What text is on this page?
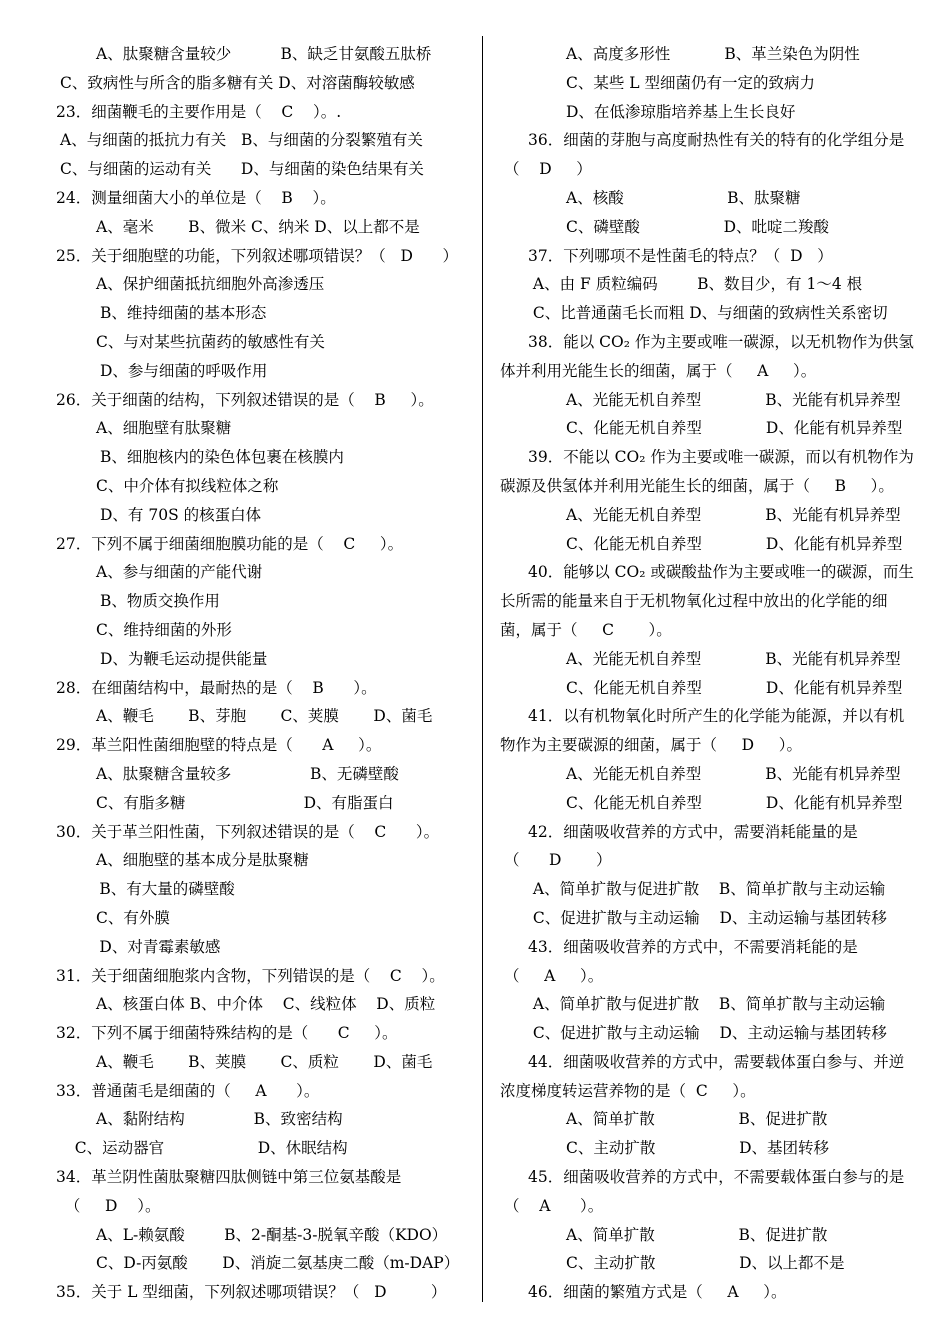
A、肽聚糖含量较少          B、缺乏甘氨酸五肽桥
C、致病性与所含的脂多糖有关 D、对溶菌酶较敏感
23．细菌鞭毛的主要作用是（    C    ）。.
A、与细菌的抵抗力有关   B、与细菌的分裂繁殖有关
C、与细菌的运动有关      D、与细菌的染色结果有关
24．测量细菌大小的单位是（    B    ）。
A、毫米       B、微米 C、纳米 D、以上都不是
25．关于细胞壁的功能，下列叙述哪项错误？（   D      ）
A、保护细菌抵抗细胞外高渗透压
B、维持细菌的基本形态
C、与对某些抗菌药的敏感性有关
D、参与细菌的呼吸作用
26．关于细菌的结构，下列叙述错误的是（    B     ）。
A、细胞壁有肽聚糖
B、细胞核内的染色体包裹在核膜内
C、中介体有拟线粒体之称
D、有 70S 的核蛋白体
27．下列不属于细菌细胞膜功能的是（    C     ）。
A、参与细菌的产能代谢
B、物质交换作用
C、维持细菌的外形
D、为鞭毛运动提供能量
28．在细菌结构中，最耐热的是（    B      ）。
A、鞭毛       B、芽胞       C、荚膜       D、菌毛
29．革兰阳性菌细胞壁的特点是（      A     ）。
A、肽聚糖含量较多                B、无磷壁酸
C、有脂多糖                        D、有脂蛋白
30．关于革兰阳性菌，下列叙述错误的是（    C      ）。
A、细胞壁的基本成分是肽聚糖
B、有大量的磷壁酸
C、有外膜
D、对青霉素敏感
31．关于细菌细胞浆内含物，下列错误的是（    C    ）。
A、核蛋白体 B、中介体    C、线粒体    D、质粒
32．下列不属于细菌特殊结构的是（      C     ）。
A、鞭毛       B、荚膜       C、质粒       D、菌毛
33．普通菌毛是细菌的（     A      ）。
A、黏附结构              B、致密结构
C、运动器官                   D、休眠结构
34．革兰阴性菌肽聚糖四肽侧链中第三位氨基酸是
（     D    ）。
A、L-赖氨酸        B、2-酮基-3-脱氧辛酸（KDO）
C、D-丙氨酸       D、消旋二氨基庚二酸（m-DAP）
35．关于 L 型细菌，下列叙述哪项错误？（   D         ）
A、高度多形性           B、革兰染色为阴性
C、某些 L 型细菌仍有一定的致病力
D、在低渗琼脂培养基上生长良好
36．细菌的芽胞与高度耐热性有关的特有的化学组分是
（    D     ）
A、核酸                     B、肽聚糖
C、磷壁酸                 D、吡啶二羧酸
37．下列哪项不是性菌毛的特点？（  D   ）
A、由 F 质粒编码        B、数目少，有 1～4 根
C、比普通菌毛长而粗 D、与细菌的致病性关系密切
38．能以 CO₂ 作为主要或唯一碳源，以无机物作为供氢
体并利用光能生长的细菌，属于（     A     ）。
A、光能无机自养型             B、光能有机异养型
C、化能无机自养型             D、化能有机异养型
39．不能以 CO₂ 作为主要或唯一碳源，而以有机物作为
碳源及供氢体并利用光能生长的细菌，属于（     B     ）。
A、光能无机自养型             B、光能有机异养型
C、化能无机自养型             D、化能有机异养型
40．能够以 CO₂ 或碳酸盐作为主要或唯一的碳源，而生
长所需的能量来自于无机物氧化过程中放出的化学能的细
菌，属于（     C       ）。
A、光能无机自养型             B、光能有机异养型
C、化能无机自养型             D、化能有机异养型
41．以有机物氧化时所产生的化学能为能源，并以有机
物作为主要碳源的细菌，属于（     D     ）。
A、光能无机自养型             B、光能有机异养型
C、化能无机自养型             D、化能有机异养型
42．细菌吸收营养的方式中，需要消耗能量的是
（      D       ）
A、简单扩散与促进扩散    B、简单扩散与主动运输
C、促进扩散与主动运输    D、主动运输与基团转移
43．细菌吸收营养的方式中，不需要消耗能的是
（     A     ）。
A、简单扩散与促进扩散    B、简单扩散与主动运输
C、促进扩散与主动运输    D、主动运输与基团转移
44．细菌吸收营养的方式中，需要载体蛋白参与、并逆
浓度梯度转运营养物的是（  C     ）。
A、简单扩散                 B、促进扩散
C、主动扩散                 D、基团转移
45．细菌吸收营养的方式中，不需要载体蛋白参与的是
（    A      ）。
A、简单扩散                 B、促进扩散
C、主动扩散                 D、以上都不是
46．细菌的繁殖方式是（     A     ）。
